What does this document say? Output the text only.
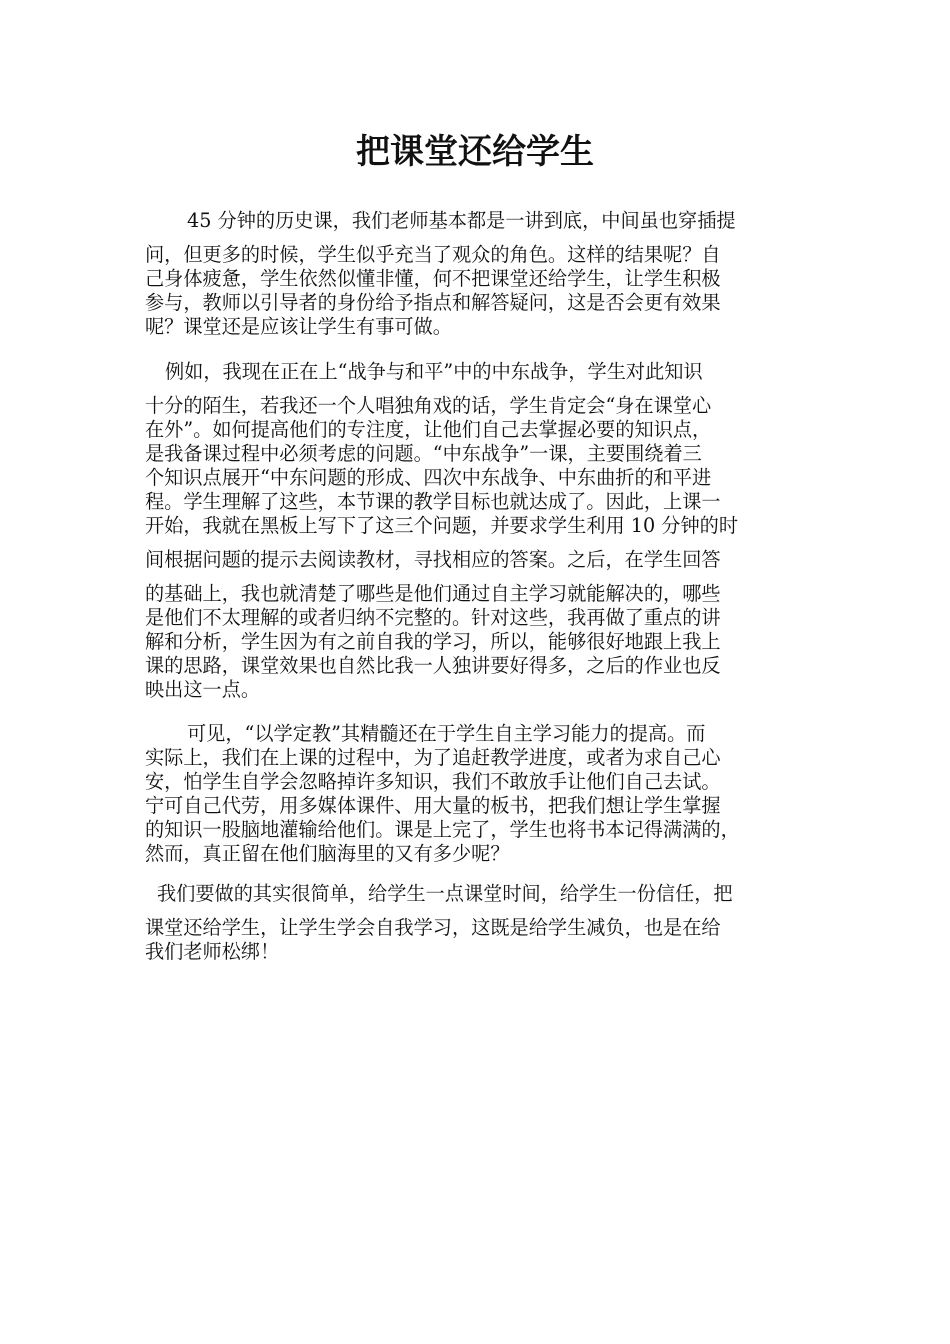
把课堂还给学生
45 分钟的历史课，我们老师基本都是一讲到底，中间虽也穿插提
问，但更多的时候，学生似乎充当了观众的角色。这样的结果呢？自
己身体疲惫，学生依然似懂非懂，何不把课堂还给学生，让学生积极
参与，教师以引导者的身份给予指点和解答疑问，这是否会更有效果
呢？课堂还是应该让学生有事可做。
例如，我现在正在上“战争与和平”中的中东战争，学生对此知识
十分的陌生，若我还一个人唱独角戏的话，学生肯定会“身在课堂心
在外”。如何提高他们的专注度，让他们自己去掌握必要的知识点，
是我备课过程中必须考虑的问题。“中东战争”一课，主要围绕着三
个知识点展开“中东问题的形成、四次中东战争、中东曲折的和平进
程。学生理解了这些，本节课的教学目标也就达成了。因此，上课一
开始，我就在黑板上写下了这三个问题，并要求学生利用 10 分钟的时
间根据问题的提示去阅读教材，寻找相应的答案。之后，在学生回答
的基础上，我也就清楚了哪些是他们通过自主学习就能解决的，哪些
是他们不太理解的或者归纳不完整的。针对这些，我再做了重点的讲
解和分析，学生因为有之前自我的学习，所以，能够很好地跟上我上
课的思路，课堂效果也自然比我一人独讲要好得多，之后的作业也反
映出这一点。
可见，“以学定教”其精髓还在于学生自主学习能力的提高。而
实际上，我们在上课的过程中，为了追赶教学进度，或者为求自己心
安，怕学生自学会忽略掉许多知识，我们不敢放手让他们自己去试。
宁可自己代劳，用多媒体课件、用大量的板书，把我们想让学生掌握
的知识一股脑地灌输给他们。课是上完了，学生也将书本记得满满的，
然而，真正留在他们脑海里的又有多少呢？
我们要做的其实很简单，给学生一点课堂时间，给学生一份信任，把
课堂还给学生，让学生学会自我学习，这既是给学生减负，也是在给
我们老师松绑！
